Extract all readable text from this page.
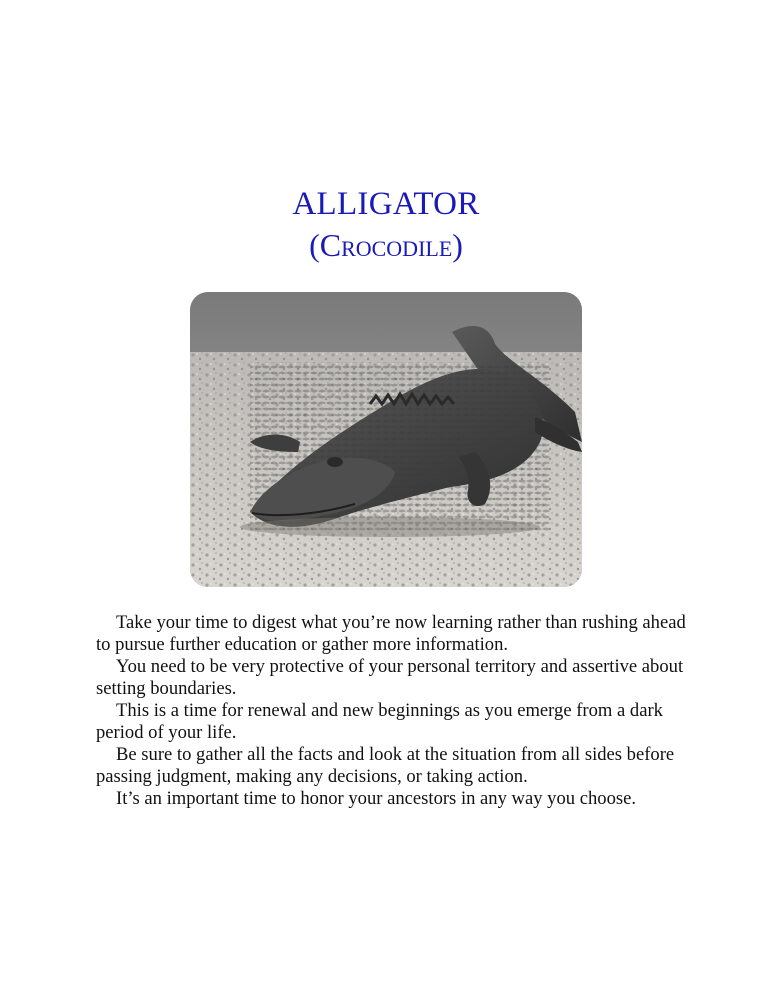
ALLIGATOR
(Crocodile)

Take your time to digest what you’re now learning rather than rushing ahead to pursue further education or gather more information.

You need to be very protective of your personal territory and assertive about setting boundaries.

This is a time for renewal and new beginnings as you emerge from a dark period of your life.

Be sure to gather all the facts and look at the situation from all sides before passing judgment, making any decisions, or taking action.

It’s an important time to honor your ancestors in any way you choose.
